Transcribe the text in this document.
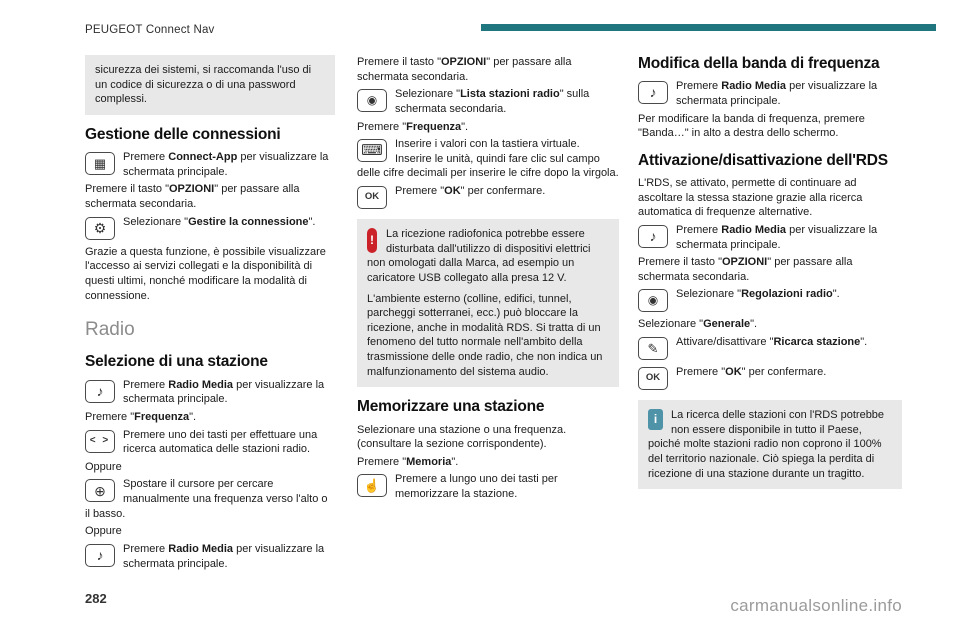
PEUGEOT Connect Nav
sicurezza dei sistemi, si raccomanda l'uso di un codice di sicurezza o di una password complessi.
Gestione delle connessioni
▦	Premere Connect-App per visualizzare la schermata principale.

Premere il tasto "OPZIONI" per passare alla schermata secondaria.

⚙	Selezionare "Gestire la connessione".

Grazie a questa funzione, è possibile visualizzare l'accesso ai servizi collegati e la disponibilità di questi ultimi, nonché modificare la modalità di connessione.

Radio
Selezione di una stazione
♪	Premere Radio Media per visualizzare la schermata principale.

Premere "Frequenza".

< >
Premere uno dei tasti per effettuare una ricerca automatica delle stazioni radio.

Oppure

⊕	Spostare il cursore per cercare manualmente una frequenza verso l'alto o il basso.

Oppure

♪	Premere Radio Media per visualizzare la schermata principale.

Premere il tasto "OPZIONI" per passare alla schermata secondaria.

◉	Selezionare "Lista stazioni radio" sulla schermata secondaria.

Premere "Frequenza".

⌨	Inserire i valori con la tastiera virtuale. Inserire le unità, quindi fare clic sul campo delle cifre decimali per inserire le cifre dopo la virgola.
OK	Premere "OK" per confermare.
!	La ricezione radiofonica potrebbe essere disturbata dall'utilizzo di dispositivi elettrici non omologati dalla Marca, ad esempio un caricatore USB collegato alla presa 12 V.
L'ambiente esterno (colline, edifici, tunnel, parcheggi sotterranei, ecc.) può bloccare la ricezione, anche in modalità RDS. Si tratta di un fenomeno del tutto normale nell'ambito della trasmissione delle onde radio, che non indica un malfunzionamento del sistema audio.
Memorizzare una stazione

Selezionare una stazione o una frequenza. (consultare la sezione corrispondente).

Premere "Memoria".

☝	Premere a lungo uno dei tasti per memorizzare la stazione.
Modifica della banda di frequenza
♪	Premere Radio Media per visualizzare la schermata principale.

Per modificare la banda di frequenza, premere "Banda…" in alto a destra dello schermo.

Attivazione/disattivazione dell'RDS

L'RDS, se attivato, permette di continuare ad ascoltare la stessa stazione grazie alla ricerca automatica di frequenze alternative.

♪	Premere Radio Media per visualizzare la schermata principale.

Premere il tasto "OPZIONI" per passare alla schermata secondaria.

◉	Selezionare "Regolazioni radio".

Selezionare "Generale".

✎	Attivare/disattivare "Ricarca stazione".
OK	Premere "OK" per confermare.
i	La ricerca delle stazioni con l'RDS potrebbe non essere disponibile in tutto il Paese, poiché molte stazioni radio non coprono il 100% del territorio nazionale. Ciò spiega la perdita di ricezione di una stazione durante un tragitto.
282	carmanualsonline.info
